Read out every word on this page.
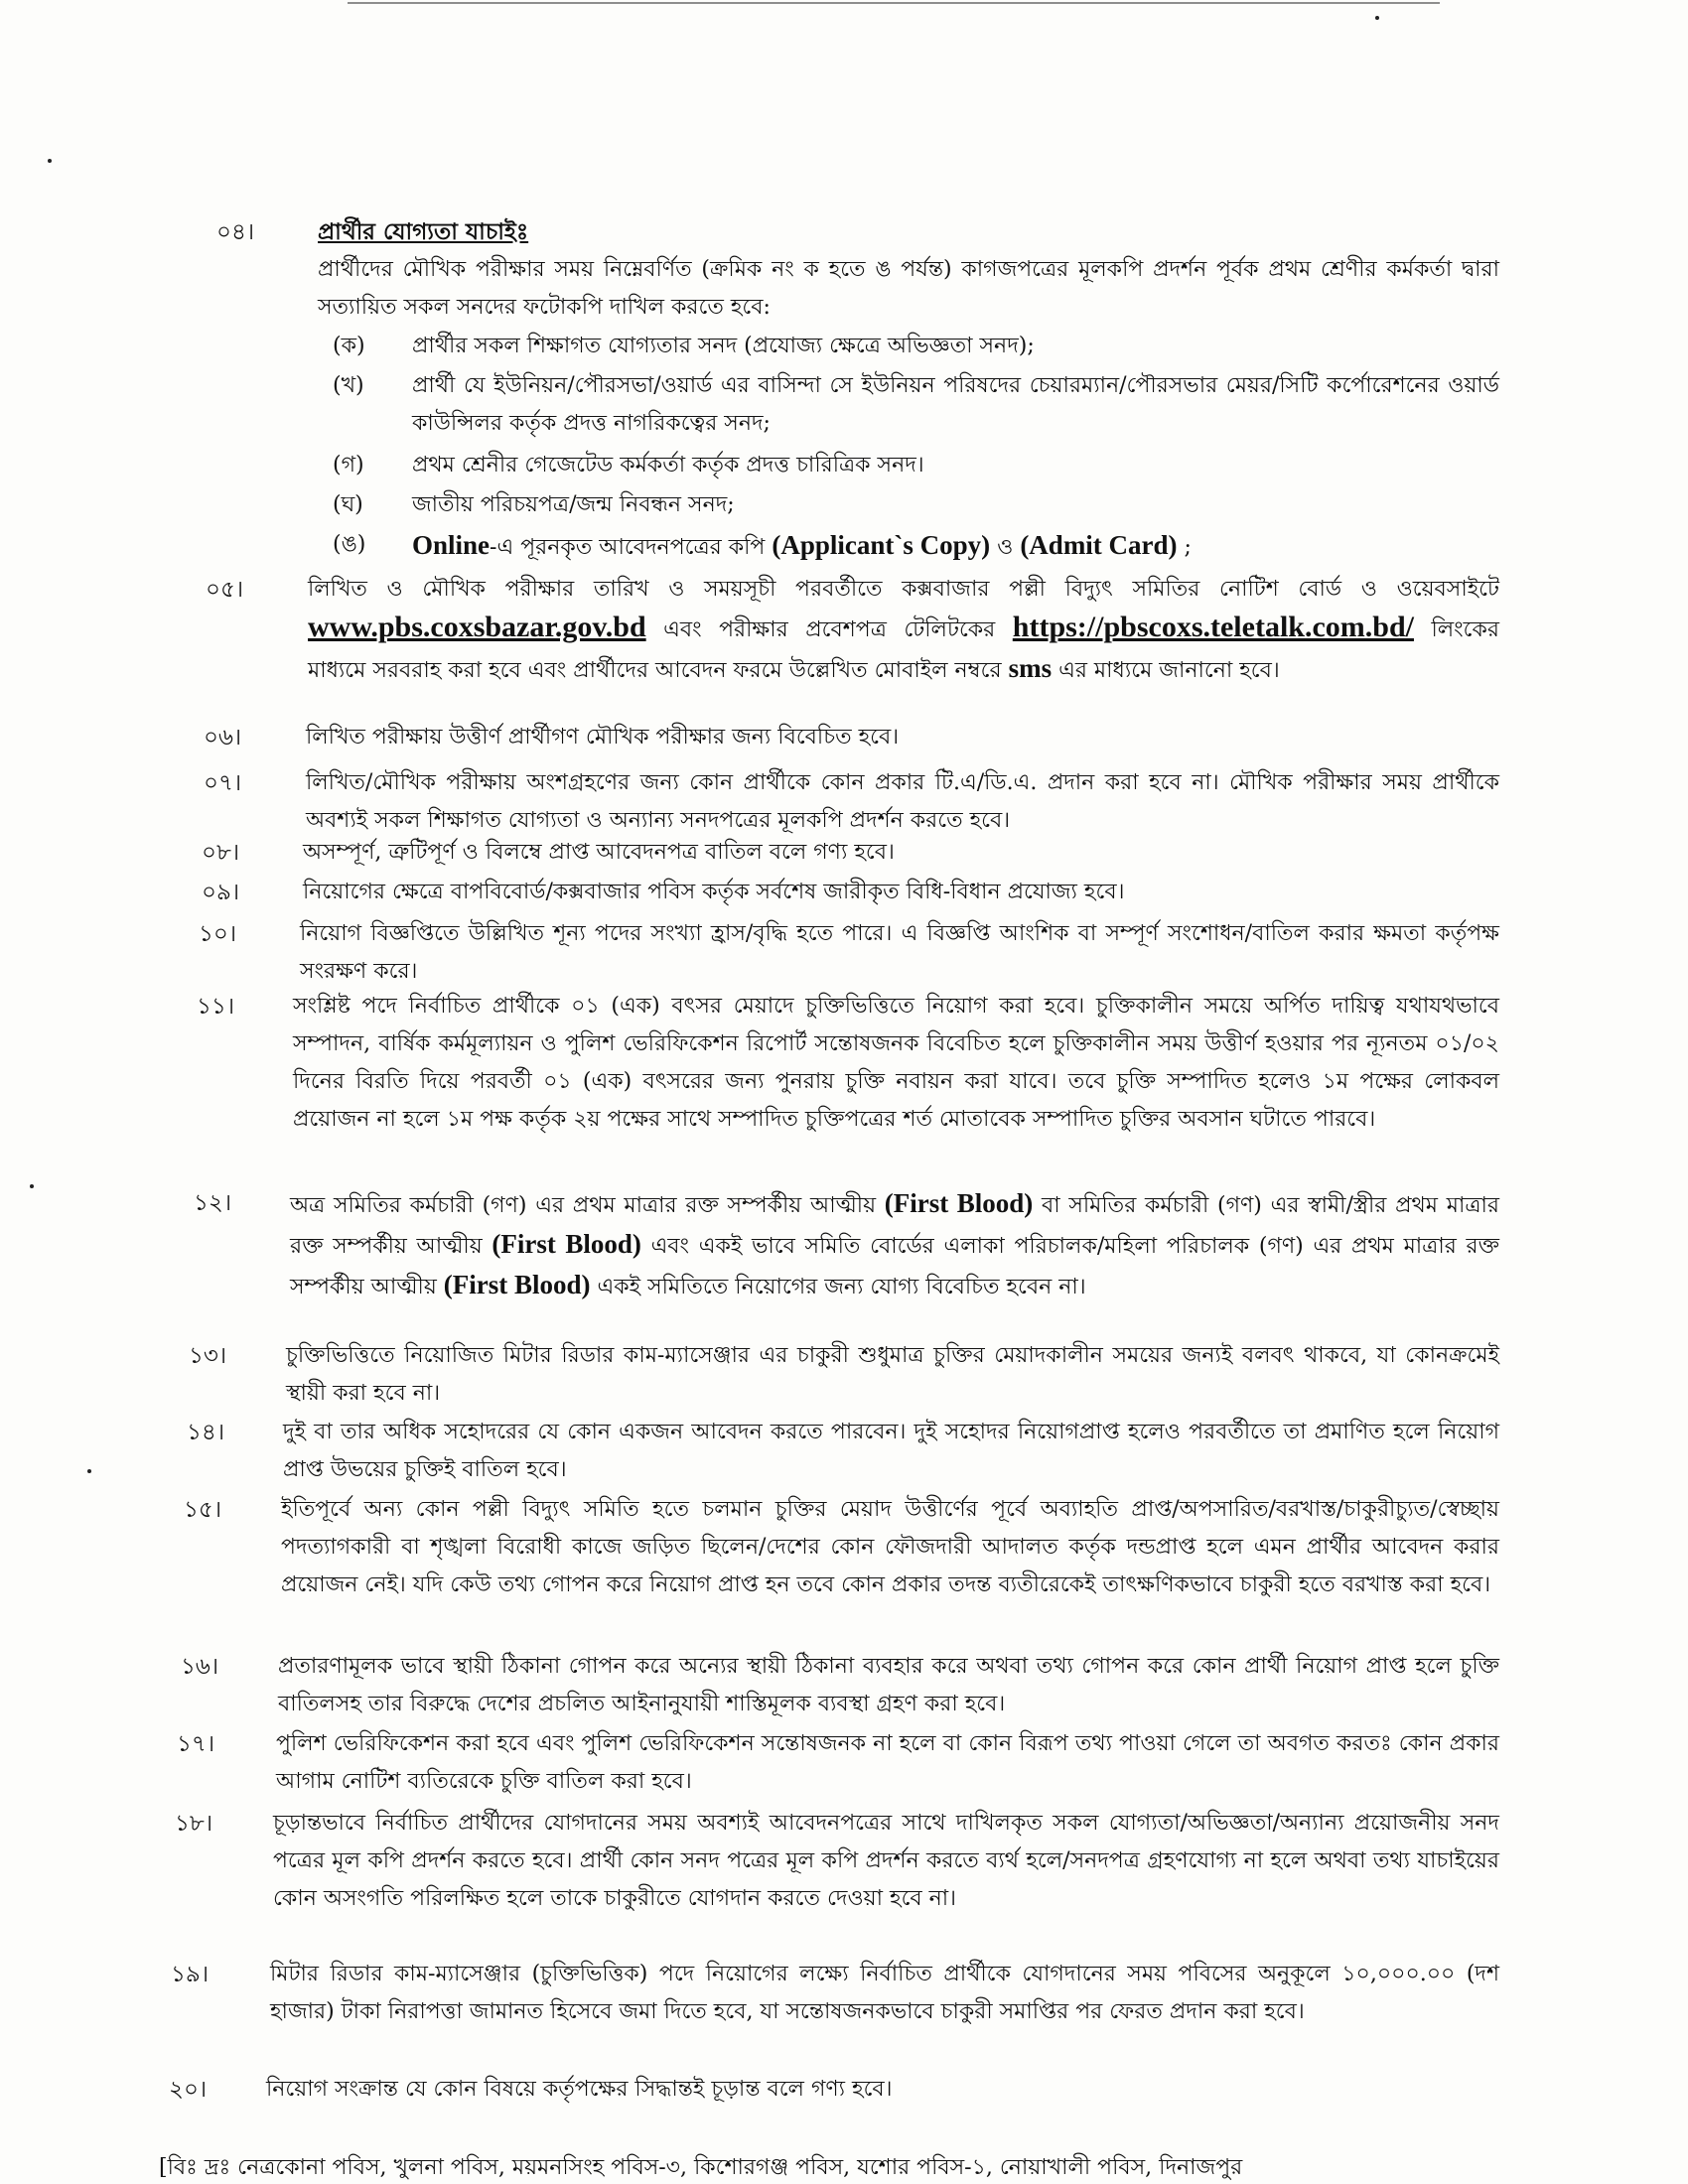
০৪।	প্রার্থীর যোগ্যতা যাচাইঃ
প্রার্থীদের মৌখিক পরীক্ষার সময় নিম্নেবর্ণিত (ক্রমিক নং ক হতে ঙ পর্যন্ত) কাগজপত্রের মূলকপি প্রদর্শন পূর্বক প্রথম শ্রেণীর কর্মকর্তা দ্বারা সত্যায়িত সকল সনদের ফটোকপি দাখিল করতে হবে:
(ক)	প্রার্থীর সকল শিক্ষাগত যোগ্যতার সনদ (প্রযোজ্য ক্ষেত্রে অভিজ্ঞতা সনদ);
(খ)	প্রার্থী যে ইউনিয়ন/পৌরসভা/ওয়ার্ড এর বাসিন্দা সে ইউনিয়ন পরিষদের চেয়ারম্যান/পৌরসভার মেয়র/সিটি কর্পোরেশনের ওয়ার্ড কাউন্সিলর কর্তৃক প্রদত্ত নাগরিকত্বের সনদ;
(গ)	প্রথম শ্রেনীর গেজেটেড কর্মকর্তা কর্তৃক প্রদত্ত চারিত্রিক সনদ।
(ঘ)	জাতীয় পরিচয়পত্র/জন্ম নিবন্ধন সনদ;
(ঙ)	Online-এ পূরনকৃত আবেদনপত্রের কপি (Applicant`s Copy) ও (Admit Card) ;
০৫।	লিখিত ও মৌখিক পরীক্ষার তারিখ ও সময়সূচী পরবর্তীতে কক্সবাজার পল্লী বিদ্যুৎ সমিতির নোটিশ বোর্ড ও ওয়েবসাইটে www.pbs.coxsbazar.gov.bd এবং পরীক্ষার প্রবেশপত্র টেলিটকের https://pbscoxs.teletalk.com.bd/ লিংকের মাধ্যমে সরবরাহ করা হবে এবং প্রার্থীদের আবেদন ফরমে উল্লেখিত মোবাইল নম্বরে sms এর মাধ্যমে জানানো হবে।
০৬।	লিখিত পরীক্ষায় উত্তীর্ণ প্রার্থীগণ মৌখিক পরীক্ষার জন্য বিবেচিত হবে।
০৭।	লিখিত/মৌখিক পরীক্ষায় অংশগ্রহণের জন্য কোন প্রার্থীকে কোন প্রকার টি.এ/ডি.এ. প্রদান করা হবে না। মৌখিক পরীক্ষার সময় প্রার্থীকে অবশ্যই সকল শিক্ষাগত যোগ্যতা ও অন্যান্য সনদপত্রের মূলকপি প্রদর্শন করতে হবে।
০৮।	অসম্পূর্ণ, ত্রুটিপূর্ণ ও বিলম্বে প্রাপ্ত আবেদনপত্র বাতিল বলে গণ্য হবে।
০৯।	নিয়োগের ক্ষেত্রে বাপবিবোর্ড/কক্সবাজার পবিস কর্তৃক সর্বশেষ জারীকৃত বিধি-বিধান প্রযোজ্য হবে।
১০।	নিয়োগ বিজ্ঞপ্তিতে উল্লিখিত শূন্য পদের সংখ্যা হ্রাস/বৃদ্ধি হতে পারে। এ বিজ্ঞপ্তি আংশিক বা সম্পূর্ণ সংশোধন/বাতিল করার ক্ষমতা কর্তৃপক্ষ সংরক্ষণ করে।
১১।	সংশ্লিষ্ট পদে নির্বাচিত প্রার্থীকে ০১ (এক) বৎসর মেয়াদে চুক্তিভিত্তিতে নিয়োগ করা হবে। চুক্তিকালীন সময়ে অর্পিত দায়িত্ব যথাযথভাবে সম্পাদন, বার্ষিক কর্মমূল্যায়ন ও পুলিশ ভেরিফিকেশন রিপোর্ট সন্তোষজনক বিবেচিত হলে চুক্তিকালীন সময় উত্তীর্ণ হওয়ার পর ন্যূনতম ০১/০২ দিনের বিরতি দিয়ে পরবর্তী ০১ (এক) বৎসরের জন্য পুনরায় চুক্তি নবায়ন করা যাবে। তবে চুক্তি সম্পাদিত হলেও ১ম পক্ষের লোকবল প্রয়োজন না হলে ১ম পক্ষ কর্তৃক ২য় পক্ষের সাথে সম্পাদিত চুক্তিপত্রের শর্ত মোতাবেক সম্পাদিত চুক্তির অবসান ঘটাতে পারবে।
১২।	অত্র সমিতির কর্মচারী (গণ) এর প্রথম মাত্রার রক্ত সম্পর্কীয় আত্মীয় (First Blood) বা সমিতির কর্মচারী (গণ) এর স্বামী/স্ত্রীর প্রথম মাত্রার রক্ত সম্পর্কীয় আত্মীয় (First Blood) এবং একই ভাবে সমিতি বোর্ডের এলাকা পরিচালক/মহিলা পরিচালক (গণ) এর প্রথম মাত্রার রক্ত সম্পর্কীয় আত্মীয় (First Blood) একই সমিতিতে নিয়োগের জন্য যোগ্য বিবেচিত হবেন না।
১৩।	চুক্তিভিত্তিতে নিয়োজিত মিটার রিডার কাম-ম্যাসেঞ্জার এর চাকুরী শুধুমাত্র চুক্তির মেয়াদকালীন সময়ের জন্যই বলবৎ থাকবে, যা কোনক্রমেই স্থায়ী করা হবে না।
১৪।	দুই বা তার অধিক সহোদরের যে কোন একজন আবেদন করতে পারবেন। দুই সহোদর নিয়োগপ্রাপ্ত হলেও পরবর্তীতে তা প্রমাণিত হলে নিয়োগ প্রাপ্ত উভয়ের চুক্তিই বাতিল হবে।
১৫।	ইতিপূর্বে অন্য কোন পল্লী বিদ্যুৎ সমিতি হতে চলমান চুক্তির মেয়াদ উত্তীর্ণের পূর্বে অব্যাহতি প্রাপ্ত/অপসারিত/বরখাস্ত/চাকুরীচ্যুত/স্বেচ্ছায় পদত্যাগকারী বা শৃঙ্খলা বিরোধী কাজে জড়িত ছিলেন/দেশের কোন ফৌজদারী আদালত কর্তৃক দন্ডপ্রাপ্ত হলে এমন প্রার্থীর আবেদন করার প্রয়োজন নেই। যদি কেউ তথ্য গোপন করে নিয়োগ প্রাপ্ত হন তবে কোন প্রকার তদন্ত ব্যতীরেকেই তাৎক্ষণিকভাবে চাকুরী হতে বরখাস্ত করা হবে।
১৬।	প্রতারণামূলক ভাবে স্থায়ী ঠিকানা গোপন করে অন্যের স্থায়ী ঠিকানা ব্যবহার করে অথবা তথ্য গোপন করে কোন প্রার্থী নিয়োগ প্রাপ্ত হলে চুক্তি বাতিলসহ তার বিরুদ্ধে দেশের প্রচলিত আইনানুযায়ী শাস্তিমূলক ব্যবস্থা গ্রহণ করা হবে।
১৭।	পুলিশ ভেরিফিকেশন করা হবে এবং পুলিশ ভেরিফিকেশন সন্তোষজনক না হলে বা কোন বিরূপ তথ্য পাওয়া গেলে তা অবগত করতঃ কোন প্রকার আগাম নোটিশ ব্যতিরেকে চুক্তি বাতিল করা হবে।
১৮।	চূড়ান্তভাবে নির্বাচিত প্রার্থীদের যোগদানের সময় অবশ্যই আবেদনপত্রের সাথে দাখিলকৃত সকল যোগ্যতা/অভিজ্ঞতা/অন্যান্য প্রয়োজনীয় সনদ পত্রের মূল কপি প্রদর্শন করতে হবে। প্রার্থী কোন সনদ পত্রের মূল কপি প্রদর্শন করতে ব্যর্থ হলে/সনদপত্র গ্রহণযোগ্য না হলে অথবা তথ্য যাচাইয়ের কোন অসংগতি পরিলক্ষিত হলে তাকে চাকুরীতে যোগদান করতে দেওয়া হবে না।
১৯।	মিটার রিডার কাম-ম্যাসেঞ্জার (চুক্তিভিত্তিক) পদে নিয়োগের লক্ষ্যে নির্বাচিত প্রার্থীকে যোগদানের সময় পবিসের অনুকূলে ১০,০০০.০০ (দশ হাজার) টাকা নিরাপত্তা জামানত হিসেবে জমা দিতে হবে, যা সন্তোষজনকভাবে চাকুরী সমাপ্তির পর ফেরত প্রদান করা হবে।
২০।	নিয়োগ সংক্রান্ত যে কোন বিষয়ে কর্তৃপক্ষের সিদ্ধান্তই চূড়ান্ত বলে গণ্য হবে।
[বিঃ দ্রঃ নেত্রকোনা পবিস, খুলনা পবিস, ময়মনসিংহ পবিস-৩, কিশোরগঞ্জ পবিস, যশোর পবিস-১, নোয়াখালী পবিস, দিনাজপুর
